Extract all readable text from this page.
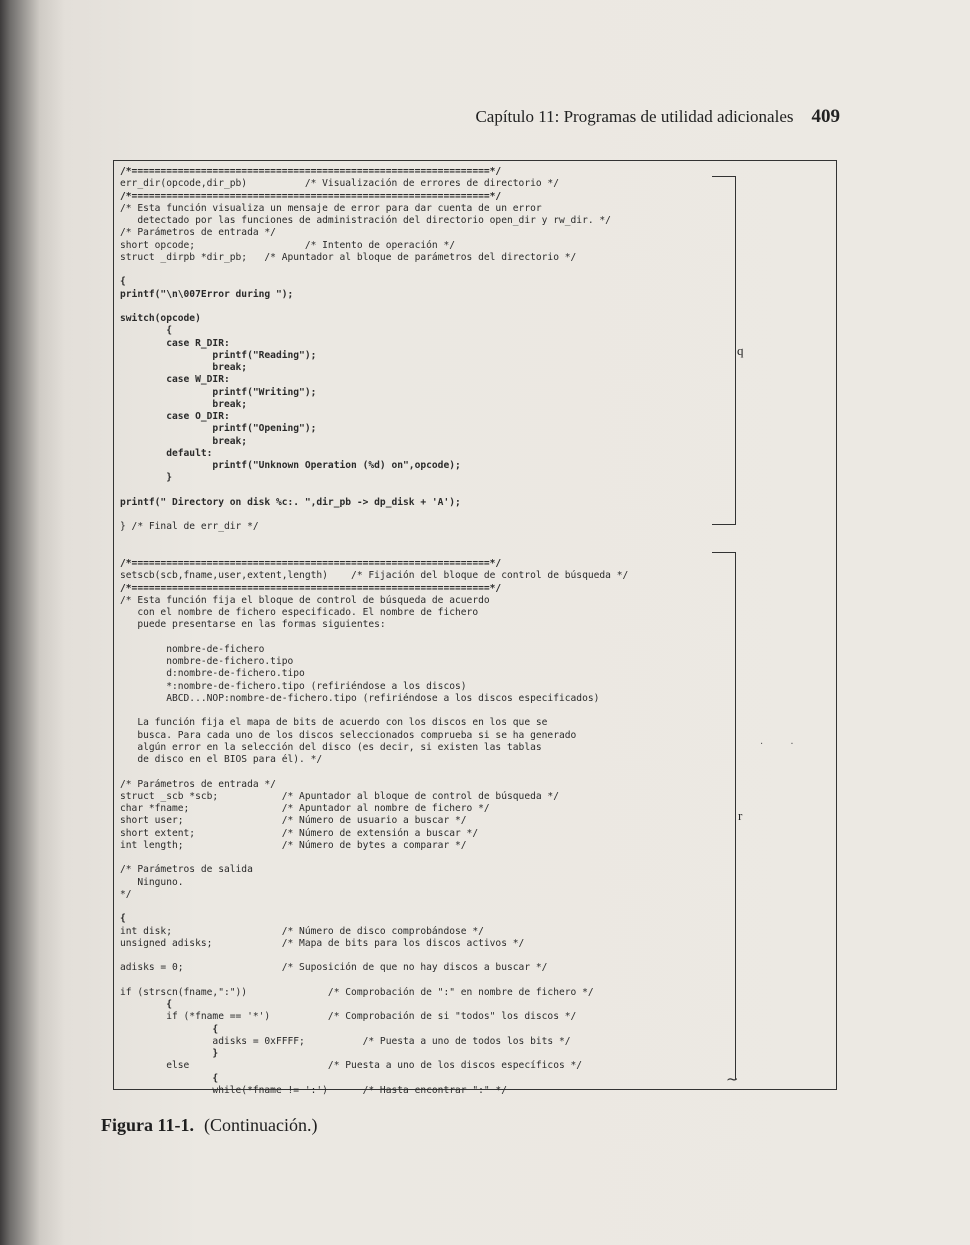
Capítulo 11: Programas de utilidad adicionales 409
/*==============================================================*/
err_dir(opcode,dir_pb)          /* Visualización de errores de directorio */
/*==============================================================*/
/* Esta función visualiza un mensaje de error para dar cuenta de un error
detectado por las funciones de administración del directorio open_dir y rw_dir. */
/* Parámetros de entrada */
short opcode;                   /* Intento de operación */
struct _dirpb *dir_pb;   /* Apuntador al bloque de parámetros del directorio */
{
printf("\n\007Error during ");
switch(opcode)
{
case R_DIR:
printf("Reading");
break;
case W_DIR:
printf("Writing");
break;
case O_DIR:
printf("Opening");
break;
default:
printf("Unknown Operation (%d) on",opcode);
}
printf(" Directory on disk %c:. ",dir_pb -> dp_disk + 'A');
} /* Final de err_dir */
/*==============================================================*/
setscb(scb,fname,user,extent,length)    /* Fijación del bloque de control de búsqueda */
/*==============================================================*/
/* Esta función fija el bloque de control de búsqueda de acuerdo
con el nombre de fichero especificado. El nombre de fichero
puede presentarse en las formas siguientes:
nombre-de-fichero
nombre-de-fichero.tipo
d:nombre-de-fichero.tipo
*:nombre-de-fichero.tipo (refiriéndose a los discos)
ABCD...NOP:nombre-de-fichero.tipo (refiriéndose a los discos especificados)
La función fija el mapa de bits de acuerdo con los discos en los que se
busca. Para cada uno de los discos seleccionados comprueba si se ha generado
algún error en la selección del disco (es decir, si existen las tablas
de disco en el BIOS para él). */
/* Parámetros de entrada */
struct _scb *scb;           /* Apuntador al bloque de control de búsqueda */
char *fname;                /* Apuntador al nombre de fichero */
short user;                 /* Número de usuario a buscar */
short extent;               /* Número de extensión a buscar */
int length;                 /* Número de bytes a comparar */
/* Parámetros de salida
Ninguno.
*/
{
int disk;                   /* Número de disco comprobándose */
unsigned adisks;            /* Mapa de bits para los discos activos */
adisks = 0;                 /* Suposición de que no hay discos a buscar */
if (strscn(fname,":"))              /* Comprobación de ":" en nombre de fichero */
{
if (*fname == '*')          /* Comprobación de si "todos" los discos */
{
adisks = 0xFFFF;          /* Puesta a uno de todos los bits */
}
else                        /* Puesta a uno de los discos específicos */
{
while(*fname != ':')      /* Hasta encontrar ":" */
q
r
~
· ·
Figura 11-1. (Continuación.)
